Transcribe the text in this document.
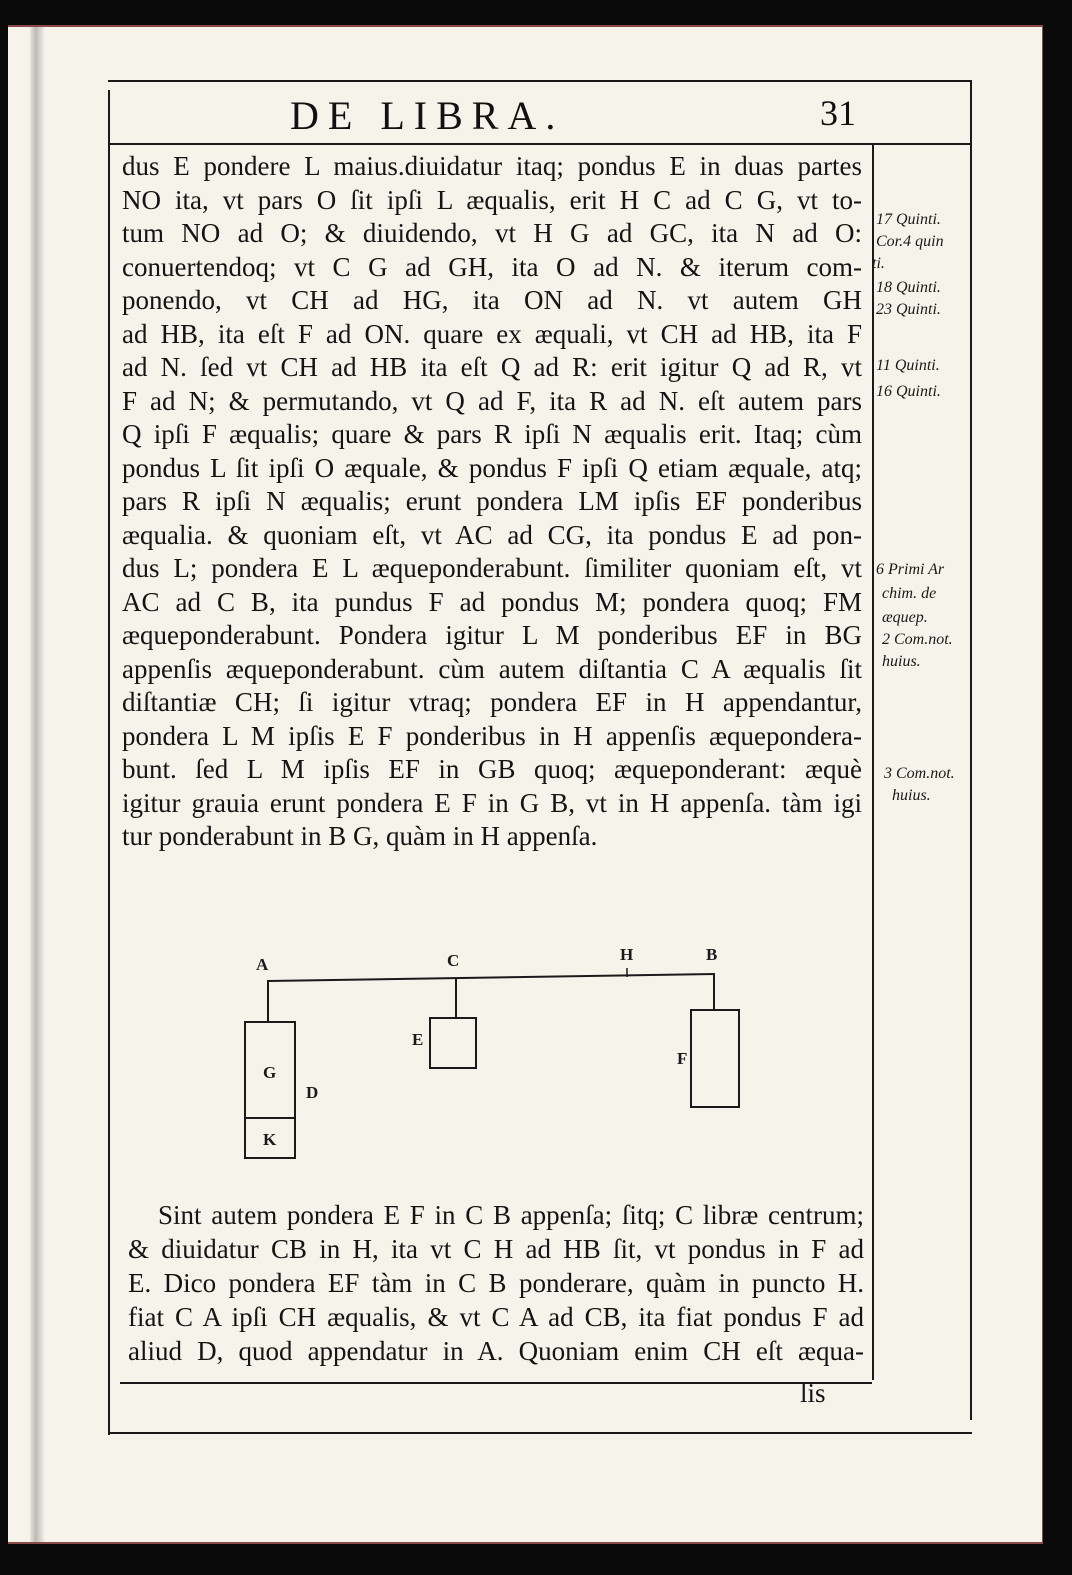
DE LIBRA.	31
dus E pondere L maius.diuidatur itaq; pondus E in duas partes
NO ita, vt pars O ſit ipſi L æqualis, erit H C ad C G, vt to-
tum NO ad O; & diuidendo, vt H G ad GC, ita N ad O:
conuertendoq; vt C G ad GH, ita O ad N. & iterum com-
ponendo, vt CH ad HG, ita ON ad N. vt autem GH
ad HB, ita eſt F ad ON. quare ex æquali, vt CH ad HB, ita F
ad N. ſed vt CH ad HB ita eſt Q ad R: erit igitur Q ad R, vt
F ad N; & permutando, vt Q ad F, ita R ad N. eſt autem pars
Q ipſi F æqualis; quare & pars R ipſi N æqualis erit. Itaq; cùm
pondus L ſit ipſi O æquale, & pondus F ipſi Q etiam æquale, atq;
pars R ipſi N æqualis; erunt pondera LM ipſis EF ponderibus
æqualia. & quoniam eſt, vt AC ad CG, ita pondus E ad pon-
dus L; pondera E L æqueponderabunt. ſimiliter quoniam eſt, vt
AC ad C B, ita pundus F ad pondus M; pondera quoq; FM
æqueponderabunt. Pondera igitur L M ponderibus EF in BG
appenſis æqueponderabunt. cùm autem diſtantia C A æqualis ſit
diſtantiæ CH; ſi igitur vtraq; pondera EF in H appendantur,
pondera L M ipſis E F ponderibus in H appenſis æqueponderа-
bunt. ſed L M ipſis EF in GB quoq; æqueponderant: æquè
igitur grauia erunt pondera E F in G B, vt in H appenſa. tàm igi
tur ponderabunt in B G, quàm in H appenſa.
17 Quinti.
Cor.4 quin
ti.
18 Quinti.
23 Quinti.
11 Quinti.
16 Quinti.
6 Primi Ar
chim. de
æquep.
2 Com.not.
huius.
3 Com.not.
huius.
A	C	H	B
E
F
G
D
K
Sint autem pondera E F in C B appenſa; ſitq; C libræ centrum;
& diuidatur CB in H, ita vt C H ad HB ſit, vt pondus in F ad
E. Dico pondera EF tàm in C B ponderare, quàm in puncto H.
fiat C A ipſi CH æqualis, & vt C A ad CB, ita fiat pondus F ad
aliud D, quod appendatur in A. Quoniam enim CH eſt æqua-
lis
